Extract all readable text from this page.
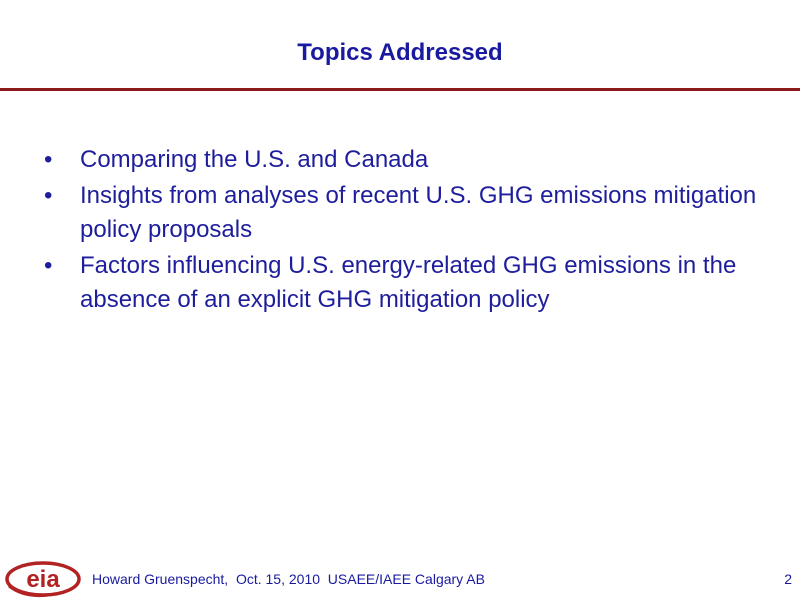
Topics Addressed
•	Comparing the U.S. and Canada
•	Insights from analyses of recent U.S. GHG emissions mitigation policy proposals
•	Factors influencing U.S. energy-related GHG emissions in the absence of an explicit GHG mitigation policy
eia Howard Gruenspecht,  Oct. 15, 2010  USAEE/IAEE Calgary AB	2
